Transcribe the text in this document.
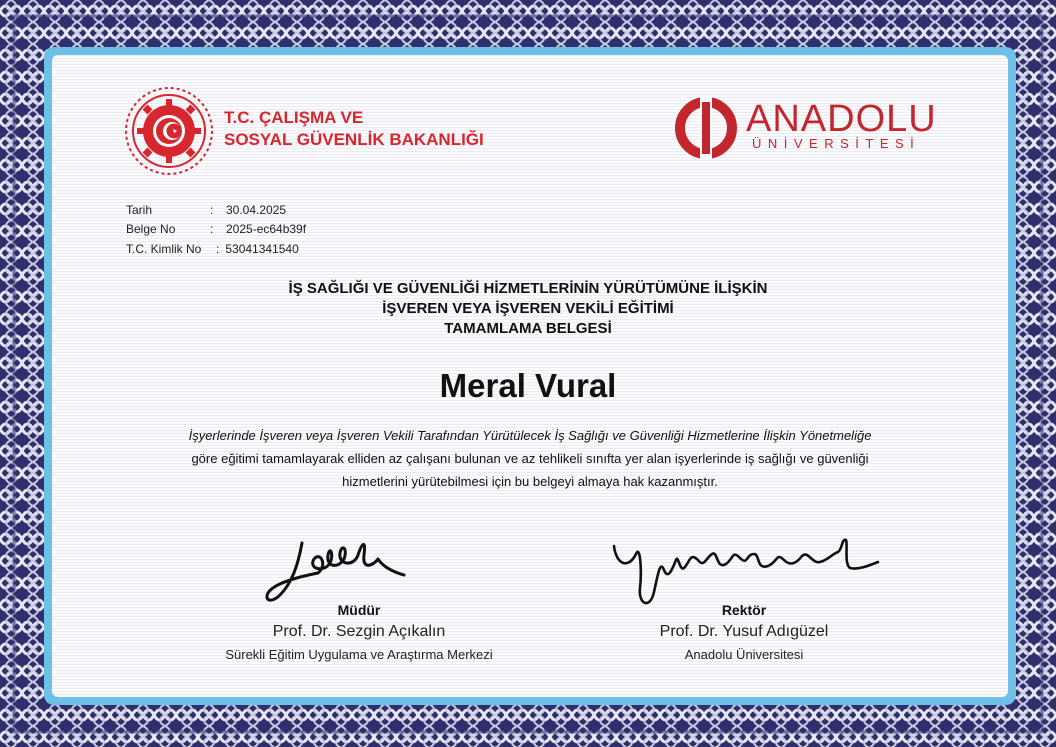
T.C. ÇALIŞMA VE
SOSYAL GÜVENLİK BAKANLIĞI	ANADOLU
ÜNİVERSİTESİ
Tarih	: 30.04.2025
Belge No	: 2025-ec64b39f
T.C. Kimlik No : 53041341540
İŞ SAĞLIĞI VE GÜVENLİĞİ HİZMETLERİNİN YÜRÜTÜMÜNE İLİŞKİN
İŞVEREN VEYA İŞVEREN VEKİLİ EĞİTİMİ
TAMAMLAMA BELGESİ
Meral Vural
İşyerlerinde İşveren veya İşveren Vekili Tarafından Yürütülecek İş Sağlığı ve Güvenliği Hizmetlerine İlişkin Yönetmeliğe
göre eğitimi tamamlayarak elliden az çalışanı bulunan ve az tehlikeli sınıfta yer alan işyerlerinde iş sağlığı ve güvenliği
hizmetlerini yürütebilmesi için bu belgeyi almaya hak kazanmıştır.
Müdür
Prof. Dr. Sezgin Açıkalın
Sürekli Eğitim Uygulama ve Araştırma Merkezi
Rektör
Prof. Dr. Yusuf Adıgüzel
Anadolu Üniversitesi
